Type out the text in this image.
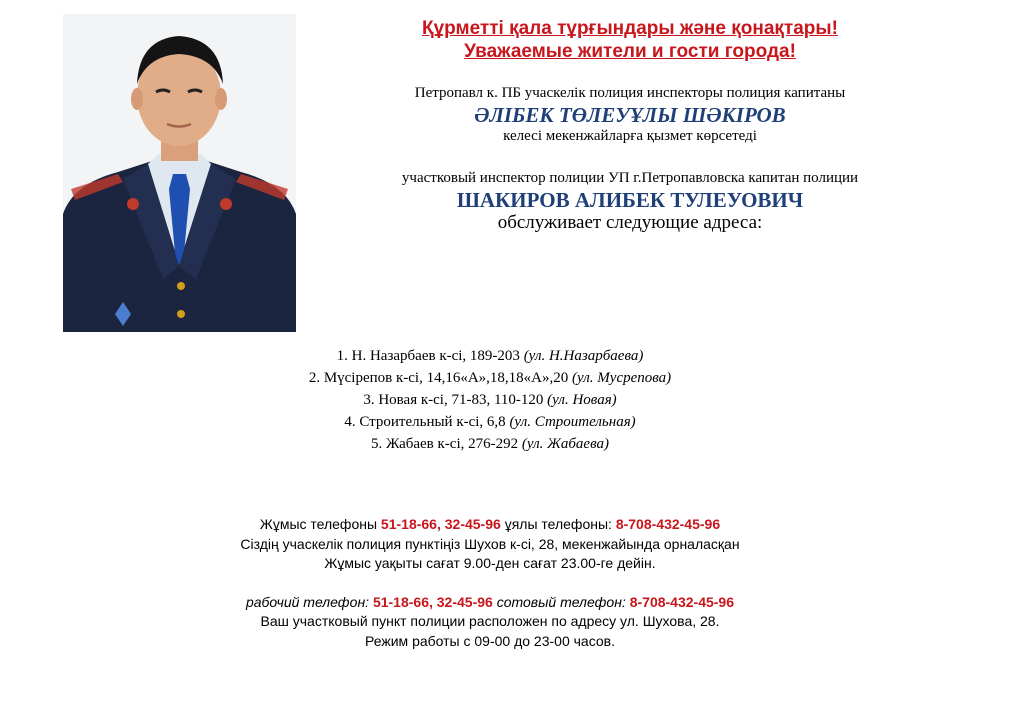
Құрметті қала тұрғындары және қонақтары!
Уважаемые жители и гости города!
Петропавл к. ПБ учаскелік полиция инспекторы полиция капитаны
ӘЛІБЕК ТӨЛЕУҰЛЫ ШӘКІРОВ
келесі мекенжайларға қызмет көрсетеді
участковый инспектор полиции УП г.Петропавловска капитан полиции
ШАКИРОВ АЛИБЕК ТУЛЕУОВИЧ
обслуживает следующие адреса:
1. Н. Назарбаев к-сі, 189-203 (ул. Н.Назарбаева)
2. Мүсірепов к-сі, 14,16«А»,18,18«А»,20 (ул. Мусрепова)
3. Новая к-сі, 71-83, 110-120 (ул. Новая)
4. Строительный к-сі, 6,8 (ул. Строительная)
5. Жабаев к-сі, 276-292 (ул. Жабаева)
Жұмыс телефоны 51-18-66, 32-45-96 ұялы телефоны: 8-708-432-45-96
Сіздің учаскелік полиция пунктіңіз Шухов к-сі, 28, мекенжайында орналасқан
Жұмыс уақыты сағат 9.00-ден сағат 23.00-ге дейін.
рабочий телефон: 51-18-66, 32-45-96 сотовый телефон: 8-708-432-45-96
Ваш участковый пункт полиции расположен по адресу ул. Шухова, 28.
Режим работы с 09-00 до 23-00 часов.
